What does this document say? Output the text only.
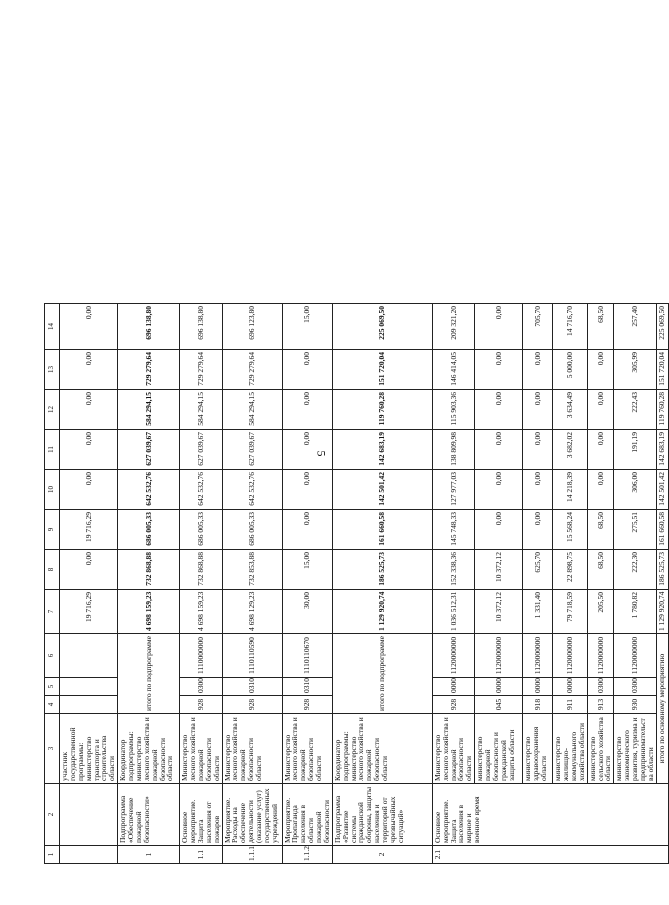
5
1	2	3	4	5	6	7	8	9	10	11	12	13	14
		участник государственной программы: министерство транспорта и строительства области				19 716,29	0,00	19 716,29	0,00	0,00	0,00	0,00	0,00
1	Подпрограмма «Обеспечение пожарной безопасности»	Координатор подпрограммы: министерство лесного хозяйства и пожарной безопасности области	итого по подпрограмме			4 698 159,23	732 868,88	686 005,33	642 532,76	627 039,67	584 294,15	729 279,64	696 138,80
1.1	Основное мероприятие. Защита населения от пожаров	Министерство лесного хозяйства и пожарной безопасности области	928	0300	1110000000	4 698 159,23	732 868,88	686 005,33	642 532,76	627 039,67	584 294,15	729 279,64	696 138,80
1.1.1	Мероприятие. Расходы на обеспечение деятельности (оказание услуг) государственных учреждений	Министерство лесного хозяйства и пожарной безопасности области	928	0310	1110110590	4 698 129,23	732 853,88	686 005,33	642 532,76	627 039,67	584 294,15	729 279,64	696 123,80
1.1.2	Мероприятие. Пропаганда населения в области пожарной безопасности	Министерство лесного хозяйства и пожарной безопасности области	928	0310	1110110670	30,00	15,00	0,00	0,00	0,00	0,00	0,00	15,00
2	Подпрограмма «Развитие системы гражданской обороны, защиты населения и территорий от чрезвычайных ситуаций»	Координатор подпрограммы: министерство лесного хозяйства и пожарной безопасности области	итого по подпрограмме			1 129 920,74	186 525,73	161 660,58	142 501,42	142 683,19	119 760,28	151 720,04	225 069,50
2.1	Основное мероприятие. Защита населения в мирное и военное время	Министерство лесного хозяйства и пожарной безопасности области	928	0000	1120000000	1 036 512,31	152 338,36	145 748,33	127 977,03	138 809,98	115 903,36	146 414,05	209 321,20
		министерство пожарной безопасности и гражданской защиты области	045	0000	1120000000	10 372,12	10 372,12	0,00	0,00	0,00	0,00	0,00	0,00
		министерство здравоохранения области	918	0000	1120000000	1 331,40	625,70	0,00	0,00	0,00	0,00	0,00	705,70
		министерство жилищно-коммунального хозяйства области	911	0000	1120000000	79 718,59	22 898,75	15 568,24	14 218,39	3 682,02	3 634,49	5 000,00	14 716,70
		министерство сельского хозяйства области	913	0300	1120000000	205,50	68,50	68,50	0,00	0,00	0,00	0,00	68,50
		министерство экономического развития, туризма и предпринимательства области	930	0300	1120000000	1 780,82	222,30	275,51	306,00	191,19	222,43	305,99	257,40
		итого по основному мероприятию				1 129 920,74	186 525,73	161 660,58	142 501,42	142 683,19	119 760,28	151 720,04	225 069,50
